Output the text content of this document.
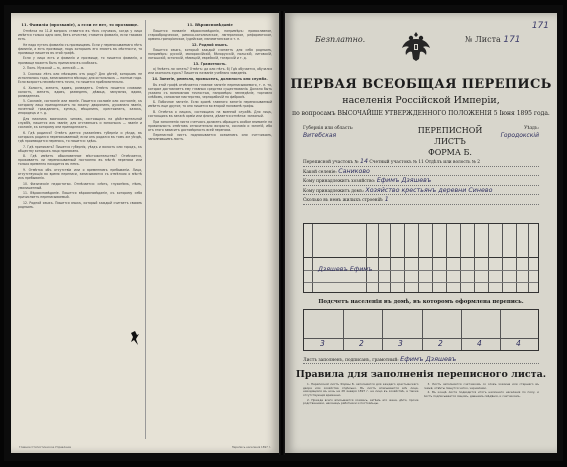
11. Фамилія (прозваніе), а если ее нет, то прозвище.

Отмѣтка на 11-й вопросъ ставится въ тѣхъ случаяхъ, когда у лица имѣется только одно имя, безъ отчества; ставится фамилія, если таковая есть.

Не надо путать фамилію съ прозвищемъ. Если у переписываемаго нѣтъ фамиліи, а есть прозвище, подъ которымъ его знаютъ въ мѣстности, то прозвище пишется въ этой графѣ.

Если у лица есть и фамилія и прозвище, то пишется фамилія, а прозвище можетъ быть приписано въ скобкахъ.

2. Полъ. Мужской — м., женскій — ж.

3. Сколько лѣтъ или мѣсяцевъ отъ роду? Для дѣтей, которымъ не исполнилось года, записываются мѣсяцы; для остальныхъ — полные года. Если возрастъ неизвѣстенъ точно, то пишется приблизительно.

4. Холостъ, женатъ, вдовъ, разведенъ. Отвѣтъ пишется словами: холостъ, женатъ, вдовъ, разведенъ, дѣвица, замужняя, вдова, разведенная.

5. Сословіе, состояніе или званіе. Пишется сословіе или состояніе, къ которому лицо принадлежитъ по закону: дворянинъ, духовнаго званія, почетный гражданинъ, купецъ, мѣщанинъ, крестьянинъ, казакъ, инородецъ и т. д.

Для нижнихъ воинскихъ чиновъ, состоящихъ на дѣйствительной службѣ, пишется ихъ званіе; для отставныхъ и запасныхъ — званіе и сословіе, къ которому они принадлежатъ.

6. Гдѣ родился? Отвѣтъ дается указаніемъ губерніи и уѣзда, въ которыхъ родился переписываемый; если онъ родился въ томъ же уѣздѣ, гдѣ производится перепись, то пишется: здѣсь.

7. Гдѣ приписанъ? Пишется губернія, уѣздъ и волость или городъ, къ обществу которыхъ лицо приписано.

8. Гдѣ имѣетъ обыкновенное мѣстожительство? Отмѣчается, проживаетъ ли переписываемый постоянно въ мѣстѣ переписи или только временно находится въ немъ.

9. Отмѣтка объ отсутствіи или о временномъ пребываніи. Лица, отсутствующія во время переписи, записываются съ отмѣткою о мѣстѣ ихъ пребыванія.

10. Физическіе недостатки. Отмѣчается: слѣпъ, глухонѣмъ, нѣмъ, умалишенный.

11. Вѣроисповѣданіе. Пишется вѣроисповѣданіе, къ которому себя причисляетъ переписываемый.

12. Родной языкъ. Пишется языкъ, который каждый считаетъ своимъ роднымъ.

11. Вѣроисповѣданіе

Пишется названіе вѣроисповѣданія, напримѣръ: православное, старообрядческое, римско-католическое, лютеранское, реформатское, армяно-григоріанское, іудейское, магометанское и т. п.

12. Родной языкъ.

Пишется языкъ, который каждый считаетъ для себя роднымъ, напримѣръ: русскій, малороссійскій, бѣлорусскій, польскій, литовскій, латышскій, эстонскій, нѣмецкій, еврейскій, татарскій и т. д.

13. Грамотность.

а) Умѣетъ ли читать? Отвѣтъ: да или нѣтъ. б) Гдѣ обучается, обучался или окончилъ курсъ? Пишется названіе учебнаго заведенія.

14. Занятіе, ремесло, промыселъ, должность или служба.

Въ этой графѣ отмѣчается главное занятіе переписываемаго, т. е. то, которое доставляетъ ему главныя средства существованія. Должно быть указано съ возможною точностью, напримѣръ: земледѣліе, торговля хлѣбомъ, сапожное мастерство, чернорабочій на фабрикѣ.

Б. Побочное занятіе. Если кромѣ главнаго занятія переписываемый имѣетъ еще другое, то оно пишется во второй половинѣ графы.

В. Отмѣтка о лицахъ, состоящихъ на военной службѣ. Для лицъ, состоящихъ въ запасѣ арміи или флота, дѣлается отмѣтка: запасный.

При заполненіи листа счетчикъ долженъ обращать особое вниманіе на правильность отвѣтовъ относительно возраста, сословія и занятій, ибо отъ этого зависитъ достовѣрность всей переписи.

Переписной листъ подписывается хозяиномъ или счетчикомъ, заполнявшимъ листъ.

Главное Статистическое Управленіе	Перепись населенія 1897 г.
171
Безплатно.	№ Листа 171
ПЕРВАЯ ВСЕОБЩАЯ ПЕРЕПИСЬ
населенія Россійской Имперіи,
по вопросамъ ВЫСОЧАЙШЕ УТВЕРЖДЕННОГО ПОЛОЖЕНІЯ 5 Іюня 1895 года.
Губернія или область:
Витебская
ПЕРЕПИСНОЙ ЛИСТЪ
ФОРМА Б.
Уѣздъ:
Городокскій
Переписной участокъ № 14 Счетный участокъ № 11 Отдѣлъ или волость № 2
Какой селеніе: Саниково
Кому принадлежитъ хозяйство: Ефимъ Дзяшевъ
Кому принадлежитъ домъ: Хозяйство крестьянъ деревни Синево
Сколько въ немъ жилыхъ строеній: 1
Дзяшевъ Ефимъ
Подсчетъ населенія въ домѣ, въ которомъ оформлена перепись.
3	2	3	2	4	4
Листъ заполненъ, подписанъ, грамотный: Ефимъ Дзяшевъ
Правила для заполненія переписного листа.

1. Переписной листъ Формы Б. заполняется для каждаго крестьянскаго двора или хозяйства отдѣльно. Въ листъ вписываются всѣ лица, находящіяся въ ночь на 28 января 1897 г. на лицо въ хозяйствѣ, а также отсутствующія временно.

2. Прежде всего вписывается хозяинъ, затѣмъ его жена, дѣти, прочіе родственники, наконецъ работники и постояльцы.

3. Листъ заполняется счетчикомъ со словъ хозяина или старшаго въ семьѣ; отвѣты пишутся четко, чернилами.

4. Въ концѣ листа подводится итогъ наличнаго населенія по полу, и листъ подписывается лицомъ, давшимъ свѣдѣнія, и счетчикомъ.
